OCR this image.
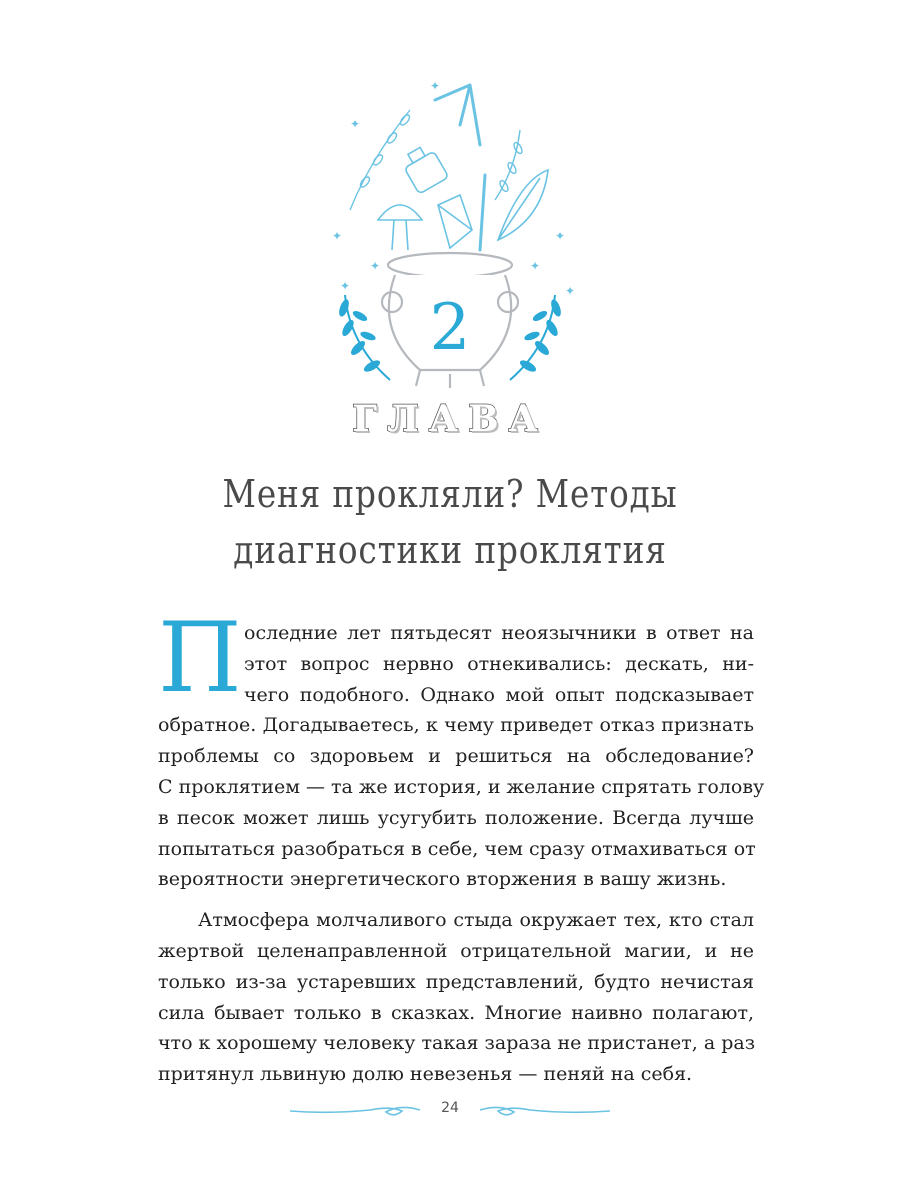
✦
✦	✦
✦	✦
✦
✦
✦
2
ГЛАВА
Меня прокляли? Методы
диагностики проклятия
П оследние лет пятьдесят неоязычники в ответ на
этот вопрос нервно отнекивались: дескать, ни-
чего подобного. Однако мой опыт подсказывает
обратное. Догадываетесь, к чему приведет отказ признать
проблемы со здоровьем и решиться на обследование?
С проклятием — та же история, и желание спрятать голову
в песок может лишь усугубить положение. Всегда лучше
попытаться разобраться в себе, чем сразу отмахиваться от
вероятности энергетического вторжения в вашу жизнь.
Атмосфера молчаливого стыда окружает тех, кто стал
жертвой целенаправленной отрицательной магии, и не
только из-за устаревших представлений, будто нечистая
сила бывает только в сказках. Многие наивно полагают,
что к хорошему человеку такая зараза не пристанет, а раз
притянул львиную долю невезенья — пеняй на себя.
24
